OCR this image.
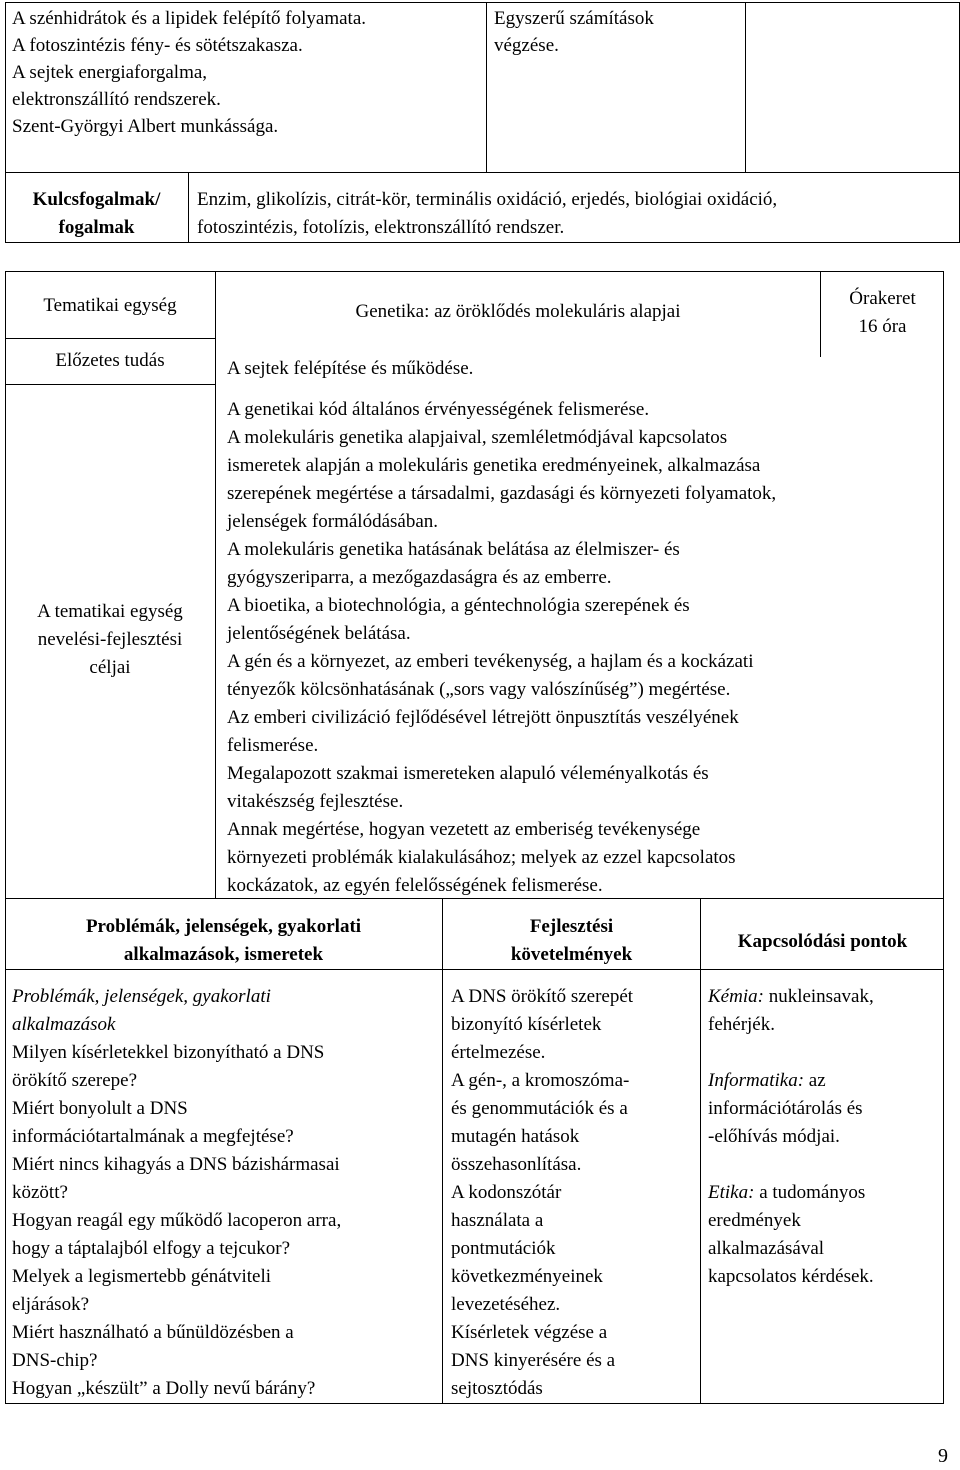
A szénhidrátok és a lipidek felépítő folyamata.
A fotoszintézis fény- és sötétszakasza.
A sejtek energiaforgalma,
elektronszállító rendszerek.
Szent-Györgyi Albert munkássága.
Egyszerű számítások
végzése.
Kulcsfogalmak/
fogalmak
Enzim, glikolízis, citrát-kör, terminális oxidáció, erjedés, biológiai oxidáció,
fotoszintézis, fotolízis, elektronszállító rendszer.
Tematikai egység	Genetika: az öröklődés molekuláris alapjai
Órakeret
16 óra
Előzetes tudás	A sejtek felépítése és működése.
A tematikai egység
nevelési-fejlesztési
céljai
A genetikai kód általános érvényességének felismerése.
A molekuláris genetika alapjaival, szemléletmódjával kapcsolatos
ismeretek alapján a molekuláris genetika eredményeinek, alkalmazása
szerepének megértése a társadalmi, gazdasági és környezeti folyamatok,
jelenségek formálódásában.
A molekuláris genetika hatásának belátása az élelmiszer- és
gyógyszeriparra, a mezőgazdaságra és az emberre.
A bioetika, a biotechnológia, a géntechnológia szerepének és
jelentőségének belátása.
A gén és a környezet, az emberi tevékenység, a hajlam és a kockázati
tényezők kölcsönhatásának („sors vagy valószínűség”) megértése.
Az emberi civilizáció fejlődésével létrejött önpusztítás veszélyének
felismerése.
Megalapozott szakmai ismereteken alapuló véleményalkotás és
vitakészség fejlesztése.
Annak megértése, hogyan vezetett az emberiség tevékenysége
környezeti problémák kialakulásához; melyek az ezzel kapcsolatos
kockázatok, az egyén felelősségének felismerése.
Problémák, jelenségek, gyakorlati
alkalmazások, ismeretek
Fejlesztési
követelmények
Kapcsolódási pontok
Problémák, jelenségek, gyakorlati
alkalmazások
Milyen kísérletekkel bizonyítható a DNS
örökítő szerepe?
Miért bonyolult a DNS
információtartalmának a megfejtése?
Miért nincs kihagyás a DNS bázishármasai
között?
Hogyan reagál egy működő lacoperon arra,
hogy a táptalajból elfogy a tejcukor?
Melyek a legismertebb génátviteli
eljárások?
Miért használható a bűnüldözésben a
DNS-chip?
Hogyan „készült” a Dolly nevű bárány?
A DNS örökítő szerepét
bizonyító kísérletek
értelmezése.
A gén-, a kromoszóma-
és genommutációk és a
mutagén hatások
összehasonlítása.
A kodonszótár
használata a
pontmutációk
következményeinek
levezetéséhez.
Kísérletek végzése a
DNS kinyerésére és a
sejtosztódás
Kémia: nukleinsavak,
fehérjék.
Informatika: az
információtárolás és
-előhívás módjai.
Etika: a tudományos
eredmények
alkalmazásával
kapcsolatos kérdések.
9
